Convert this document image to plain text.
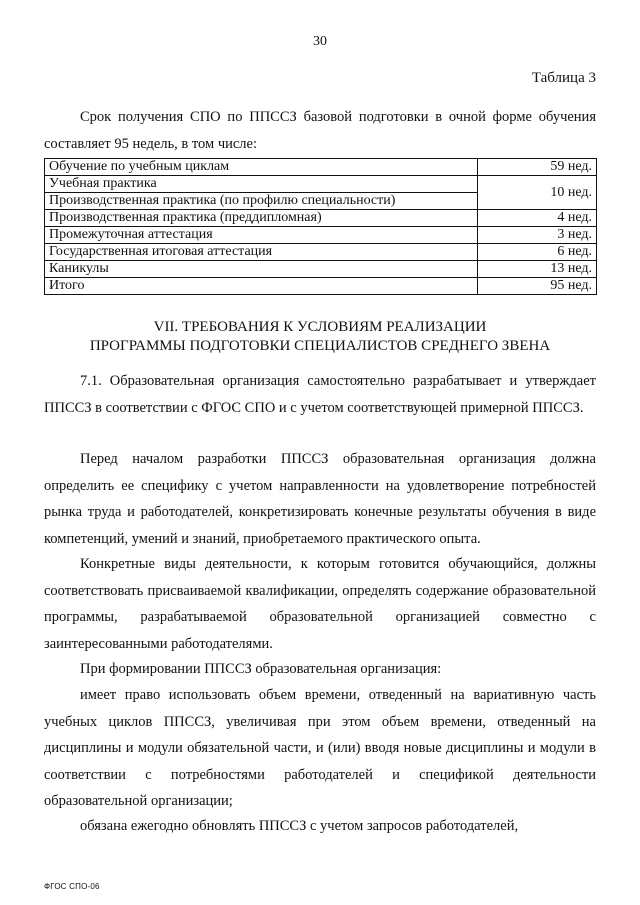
30
Таблица 3

Срок получения СПО по ППССЗ базовой подготовки в очной форме обучения составляет 95 недель, в том числе:

Обучение по учебным циклам	59 нед.
Учебная практика	10 нед.
Производственная практика (по профилю специальности)	
Производственная практика (преддипломная)	4 нед.
Промежуточная аттестация	3 нед.
Государственная итоговая аттестация	6 нед.
Каникулы	13 нед.
Итого	95 нед.
VII. ТРЕБОВАНИЯ К УСЛОВИЯМ РЕАЛИЗАЦИИ
ПРОГРАММЫ ПОДГОТОВКИ СПЕЦИАЛИСТОВ СРЕДНЕГО ЗВЕНА

7.1. Образовательная организация самостоятельно разрабатывает и утверждает ППССЗ в соответствии с ФГОС СПО и с учетом соответствующей примерной ППССЗ.

Перед началом разработки ППССЗ образовательная организация должна определить ее специфику с учетом направленности на удовлетворение потребностей рынка труда и работодателей, конкретизировать конечные результаты обучения в виде компетенций, умений и знаний, приобретаемого практического опыта.

Конкретные виды деятельности, к которым готовится обучающийся, должны соответствовать присваиваемой квалификации, определять содержание образовательной программы, разрабатываемой образовательной организацией совместно с заинтересованными работодателями.

При формировании ППССЗ образовательная организация:

имеет право использовать объем времени, отведенный на вариативную часть учебных циклов ППССЗ, увеличивая при этом объем времени, отведенный на дисциплины и модули обязательной части, и (или) вводя новые дисциплины и модули в соответствии с потребностями работодателей и спецификой деятельности образовательной организации;

обязана ежегодно обновлять ППССЗ с учетом запросов работодателей,

ФГОС СПО-06
